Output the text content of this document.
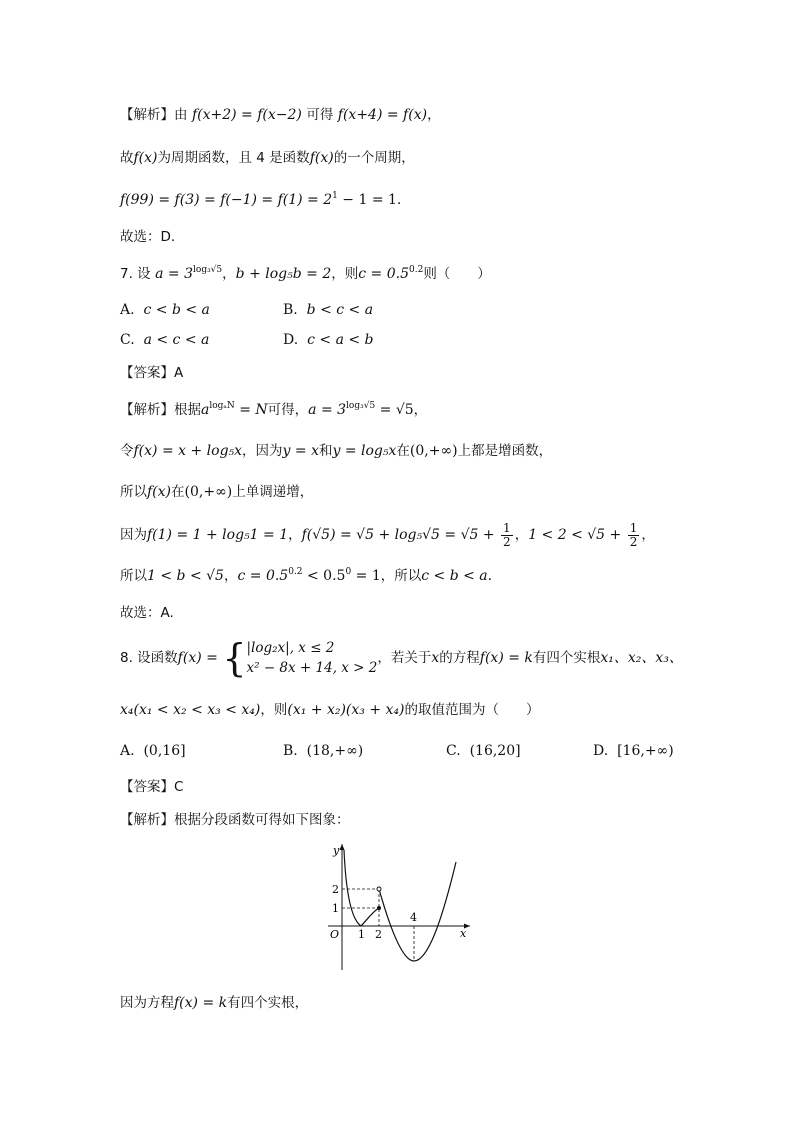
【解析】由 f(x+2) = f(x−2) 可得 f(x+4) = f(x)，
故f(x)为周期函数，且 4 是函数f(x)的一个周期，
$f(99) = f(3) = f(-1) = f(1) = 2^1 - 1 = 1$.
故选：D.
7. 设 $a = 3^{log_3√5}$，b + log₅b = 2，则$c = 0.5^{0.2}$则（　　）
A. c < b < a	B. b < c < a
C. a < c < a	D. c < a < b
【答案】A
【解析】根据$a^{log_aN} = N$可得，$a = 3^{log_3√5} = √5$，
令f(x) = x + log₅x，因为y = x和y = log₅x在(0,+∞)上都是增函数，
所以f(x)在(0,+∞)上单调递增，
因为f(1) = 1 + log₅1 = 1，$f(√5) = √5 + \log_5√5 = √5 + \frac{1}{2}$ ，$1 < 2 < √5 + \frac{1}{2}$ ，
所以1 < b < √5，$c = 0.5^{0.2} < 0.5^0 = 1$，所以c < b < a.
故选：A.
8. 设函数f(x) = { |log₂x|, x ≤ 2
x² − 8x + 14, x > 2
，若关于x的方程f(x) = k有四个实根x₁、x₂、x₃、
x₄(x₁ < x₂ < x₃ < x₄)，则(x₁ + x₂)(x₃ + x₄)的取值范围为（　　）
A. (0,16]	B. (18,+∞)	C. (16,20]	D. [16,+∞)
【答案】C
【解析】根据分段函数可得如下图象：
y
x
O
2
1
1 2
4
因为方程f(x) = k有四个实根，
